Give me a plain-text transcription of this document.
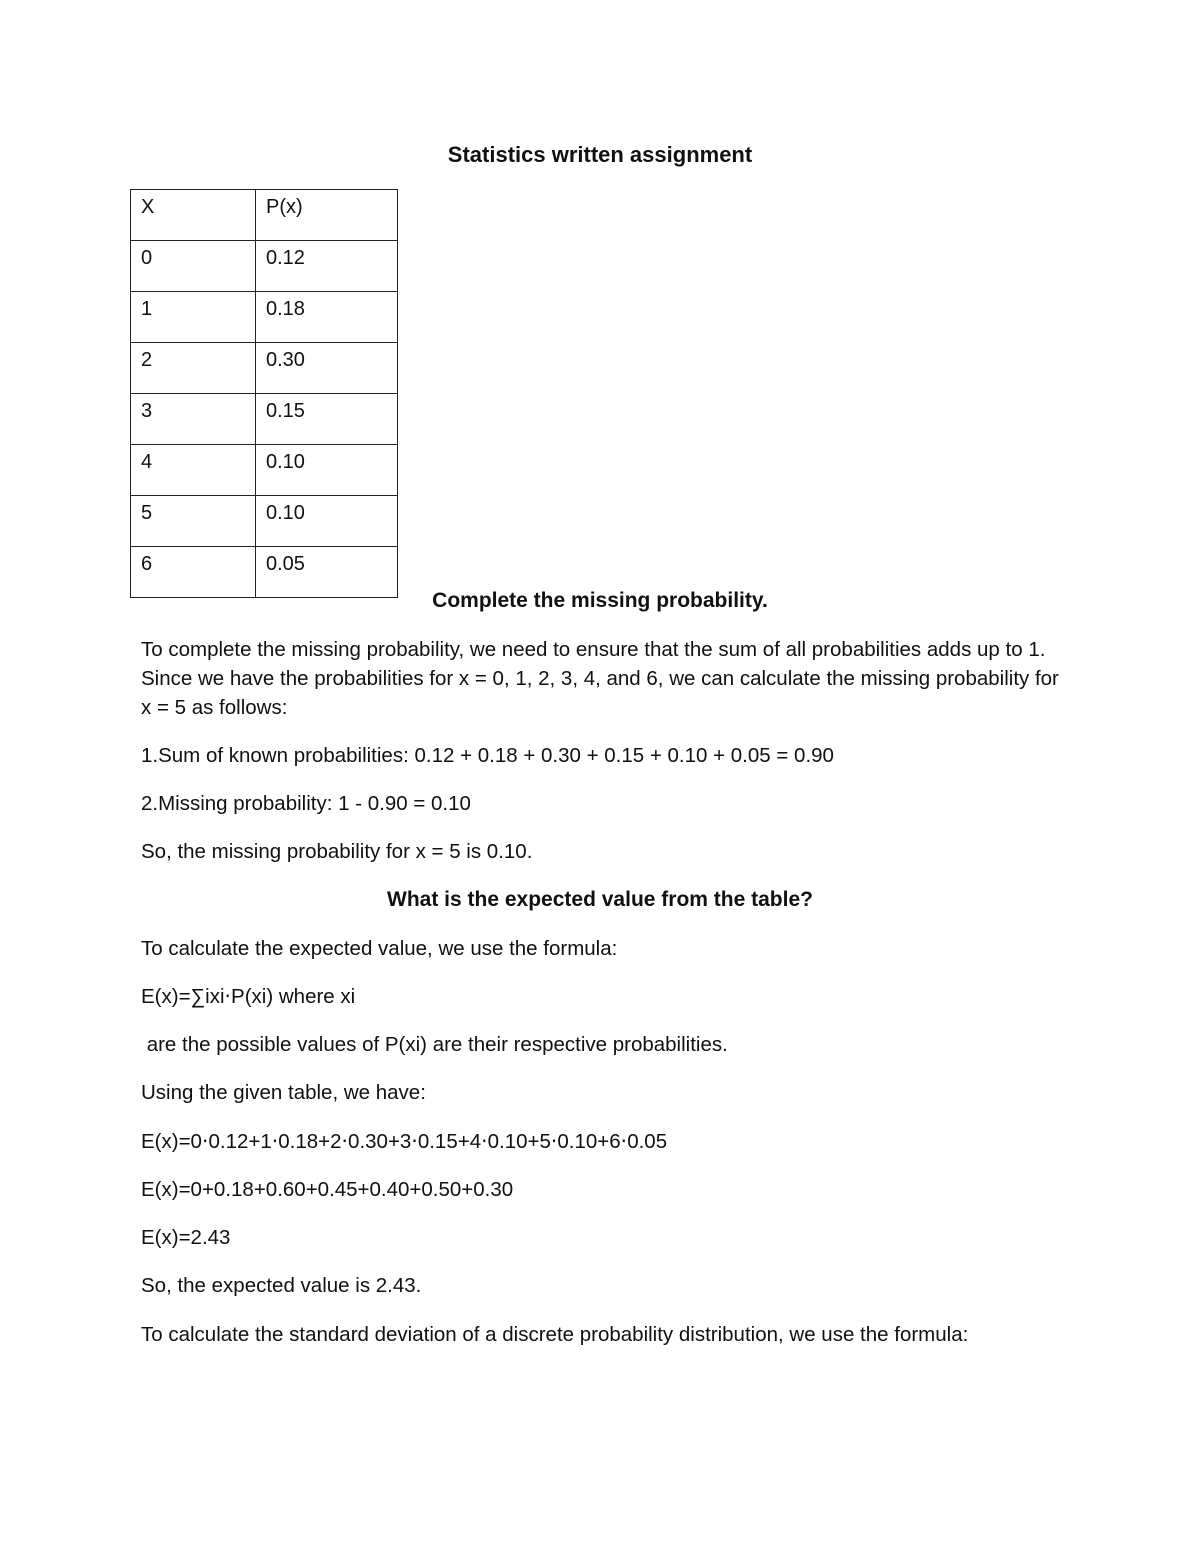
Statistics written assignment
X	P(x)
0	0.12
1	0.18
2	0.30
3	0.15
4	0.10
5	0.10
6	0.05
Complete the missing probability.
To complete the missing probability, we need to ensure that the sum of all probabilities adds up to 1. Since we have the probabilities for x = 0, 1, 2, 3, 4, and 6, we can calculate the missing probability for x = 5 as follows:
1.Sum of known probabilities: 0.12 + 0.18 + 0.30 + 0.15 + 0.10 + 0.05 = 0.90
2.Missing probability: 1 - 0.90 = 0.10
So, the missing probability for x = 5 is 0.10.
What is the expected value from the table?
To calculate the expected value, we use the formula:
E(x)=∑ixi⋅P(xi) where xi
are the possible values of P(xi) are their respective probabilities.
Using the given table, we have:
E(x)=0⋅0.12+1⋅0.18+2⋅0.30+3⋅0.15+4⋅0.10+5⋅0.10+6⋅0.05
E(x)=0+0.18+0.60+0.45+0.40+0.50+0.30
E(x)=2.43
So, the expected value is 2.43.
To calculate the standard deviation of a discrete probability distribution, we use the formula:
